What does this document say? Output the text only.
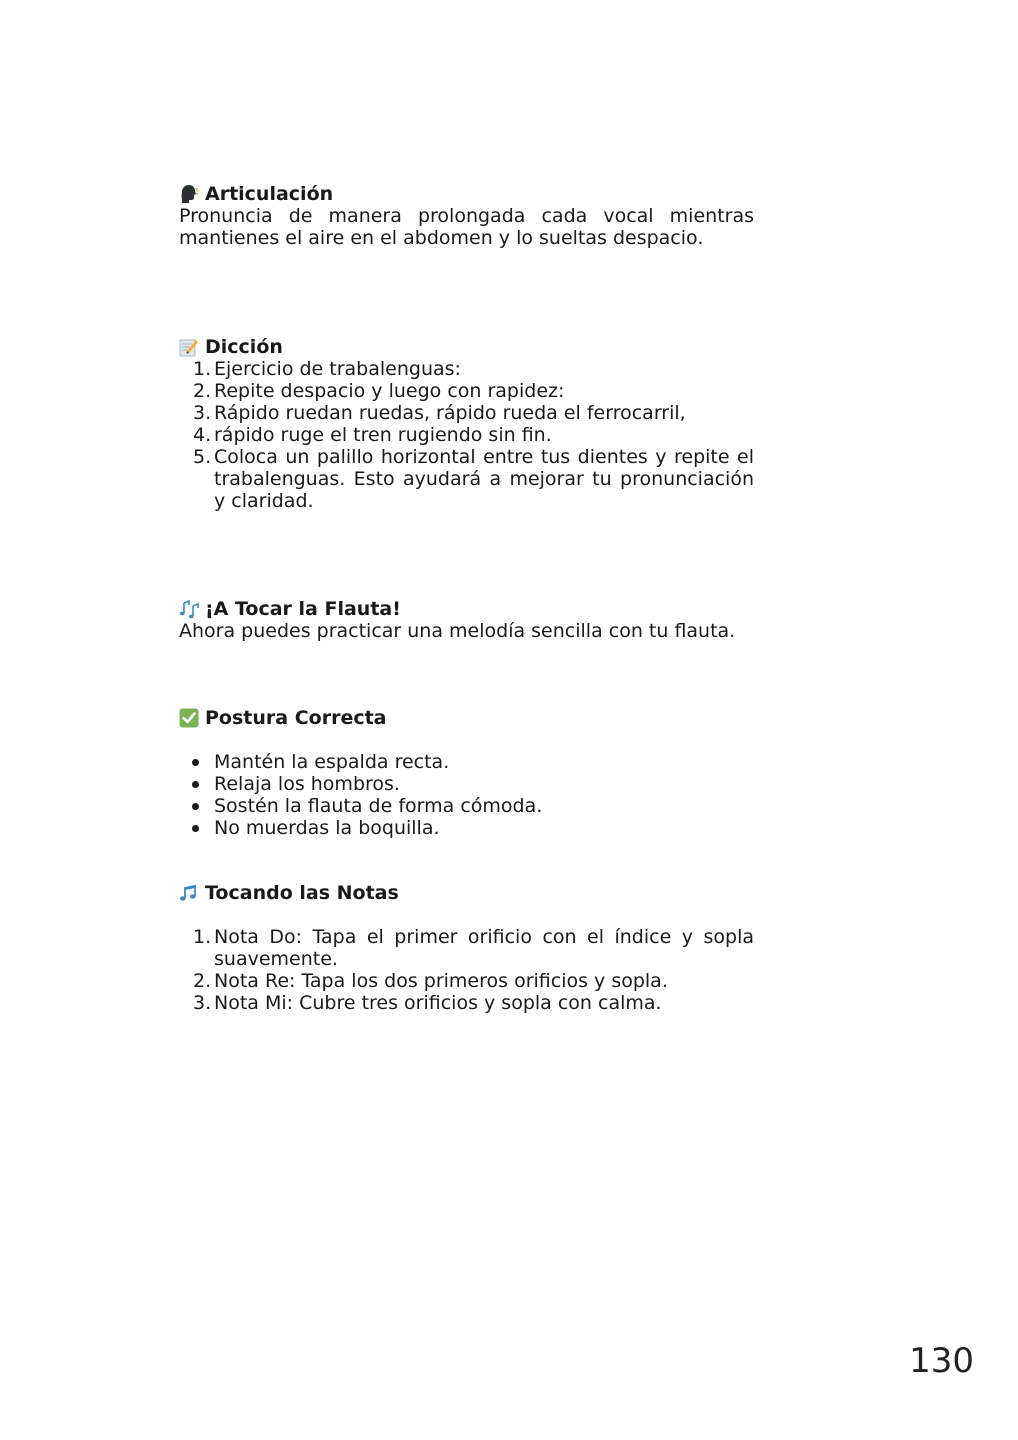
Articulación

Pronuncia de manera prolongada cada vocal mientras mantienes el aire en el abdomen y lo sueltas despacio.

Dicción
1. Ejercicio de trabalenguas:
2. Repite despacio y luego con rapidez:
3. Rápido ruedan ruedas, rápido rueda el ferrocarril,
4. rápido ruge el tren rugiendo sin fin.
5. Coloca un palillo horizontal entre tus dientes y repite el trabalenguas. Esto ayudará a mejorar tu pronunciación y claridad.
¡A Tocar la Flauta!

Ahora puedes practicar una melodía sencilla con tu flauta.

Postura Correcta
Mantén la espalda recta.
Relaja los hombros.
Sostén la flauta de forma cómoda.
No muerdas la boquilla.
Tocando las Notas
1. Nota Do: Tapa el primer orificio con el índice y sopla suavemente.
2. Nota Re: Tapa los dos primeros orificios y sopla.
3. Nota Mi: Cubre tres orificios y sopla con calma.
130
